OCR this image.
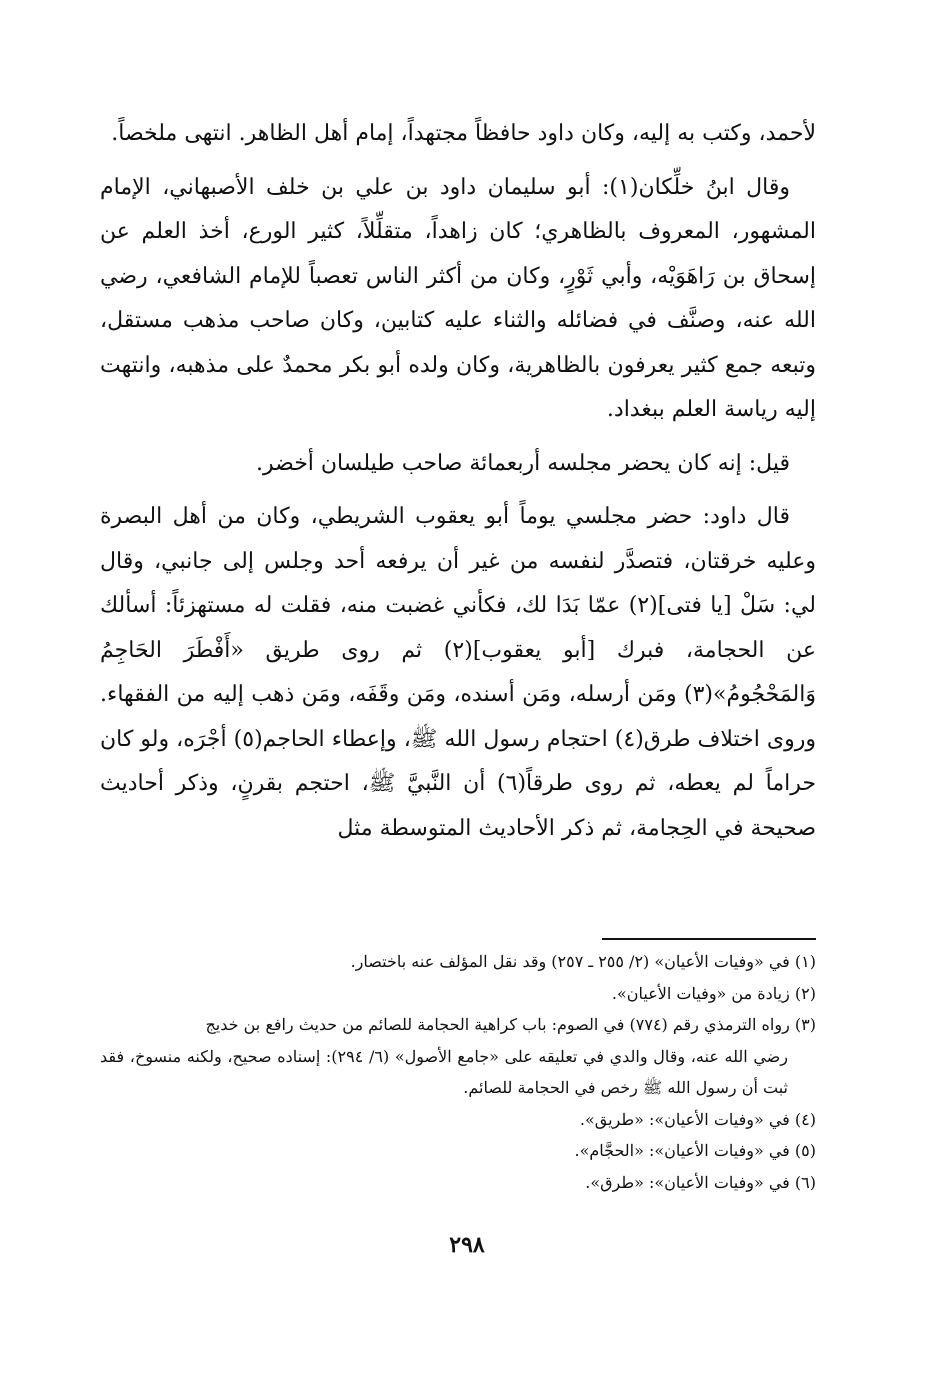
لأحمد، وكتب به إليه، وكان داود حافظاً مجتهداً، إمام أهل الظاهر. انتهى ملخصاً.

وقال ابنُ خلِّكان(١): أبو سليمان داود بن علي بن خلف الأصبهاني، الإمام المشهور، المعروف بالظاهري؛ كان زاهداً، متقلِّلاً، كثير الورع، أخذ العلم عن إسحاق بن رَاهَوَيْه، وأبي ثَوْرٍ، وكان من أكثر الناس تعصباً للإمام الشافعي، رضي الله عنه، وصنَّف في فضائله والثناء عليه كتابين، وكان صاحب مذهب مستقل، وتبعه جمع كثير يعرفون بالظاهرية، وكان ولده أبو بكر محمدٌ على مذهبه، وانتهت إليه رياسة العلم ببغداد.

قيل: إنه كان يحضر مجلسه أربعمائة صاحب طيلسان أخضر.

قال داود: حضر مجلسي يوماً أبو يعقوب الشريطي، وكان من أهل البصرة وعليه خرقتان، فتصدَّر لنفسه من غير أن يرفعه أحد وجلس إلى جانبي، وقال لي: سَلْ [يا فتى](٢) عمّا بَدَا لك، فكأني غضبت منه، فقلت له مستهزئاً: أسألك عن الحجامة، فبرك [أبو يعقوب](٢) ثم روى طريق «أَفْطَرَ الحَاجِمُ وَالمَحْجُومُ»(٣) ومَن أرسله، ومَن أسنده، ومَن وقَفَه، ومَن ذهب إليه من الفقهاء. وروى اختلاف طرق(٤) احتجام رسول الله ﷺ، وإعطاء الحاجم(٥) أجْرَه، ولو كان حراماً لم يعطه، ثم روى طرقاً(٦) أن النَّبيَّ ﷺ، احتجم بقرنٍ، وذكر أحاديث صحيحة في الحِجامة، ثم ذكر الأحاديث المتوسطة مثل

(١) في «وفيات الأعيان» (٢/ ٢٥٥ ـ ٢٥٧) وقد نقل المؤلف عنه باختصار.

(٢) زيادة من «وفيات الأعيان».

(٣) رواه الترمذي رقم (٧٧٤) في الصوم: باب كراهية الحجامة للصائم من حديث رافع بن خديج
رضي الله عنه، وقال والدي في تعليقه على «جامع الأصول» (٦/ ٢٩٤): إسناده صحيح، ولكنه منسوخ، فقد ثبت أن رسول الله ﷺ رخص في الحجامة للصائم.

(٤) في «وفيات الأعيان»: «طريق».

(٥) في «وفيات الأعيان»: «الحجَّام».

(٦) في «وفيات الأعيان»: «طرق».

٢٩٨
